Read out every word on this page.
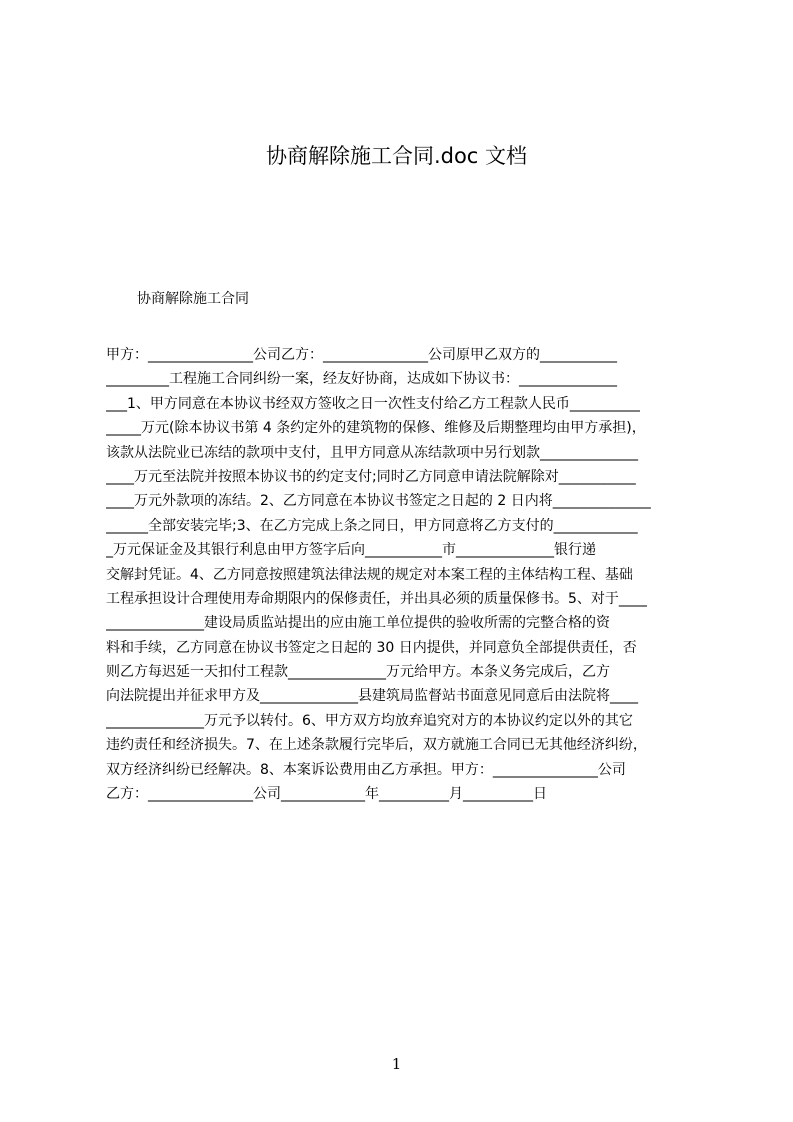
协商解除施工合同.doc 文档
协商解除施工合同
甲方：_______________公司乙方：_______________公司原甲乙双方的___________
_________工程施工合同纠纷一案，经友好协商，达成如下协议书：______________
___1、甲方同意在本协议书经双方签收之日一次性支付给乙方工程款人民币__________
_____万元(除本协议书第 4 条约定外的建筑物的保修、维修及后期整理均由甲方承担)，
该款从法院业已冻结的款项中支付，且甲方同意从冻结款项中另行划款______________
____万元至法院并按照本协议书的约定支付;同时乙方同意申请法院解除对___________
____万元外款项的冻结。2、乙方同意在本协议书签定之日起的 2 日内将______________
______全部安装完毕;3、在乙方完成上条之同日，甲方同意将乙方支付的____________
_万元保证金及其银行利息由甲方签字后向___________市______________银行递
交解封凭证。4、乙方同意按照建筑法律法规的规定对本案工程的主体结构工程、基础
工程承担设计合理使用寿命期限内的保修责任，并出具必须的质量保修书。5、对于____
______________建设局质监站提出的应由施工单位提供的验收所需的完整合格的资
料和手续，乙方同意在协议书签定之日起的 30 日内提供，并同意负全部提供责任，否
则乙方每迟延一天扣付工程款______________万元给甲方。本条义务完成后，乙方
向法院提出并征求甲方及______________县建筑局监督站书面意见同意后由法院将____
______________万元予以转付。6、甲方双方均放弃追究对方的本协议约定以外的其它
违约责任和经济损失。7、在上述条款履行完毕后，双方就施工合同已无其他经济纠纷，
双方经济纠纷已经解决。8、本案诉讼费用由乙方承担。甲方：_______________公司
乙方：_______________公司____________年__________月__________日
1
